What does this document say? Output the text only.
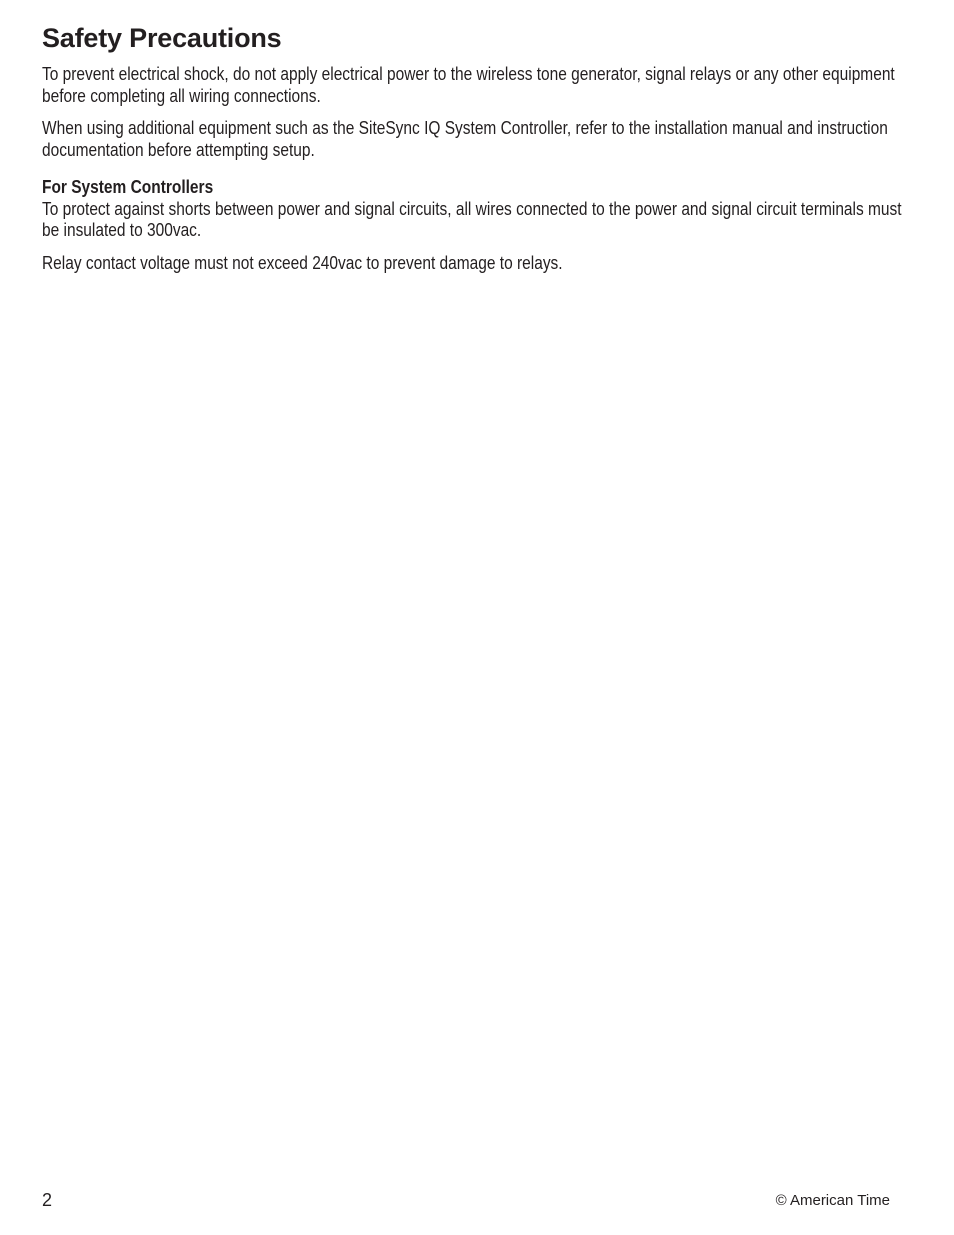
Safety Precautions

To prevent electrical shock, do not apply electrical power to the wireless tone generator, signal relays or any other equipment before completing all wiring connections.

When using additional equipment such as the SiteSync IQ System Controller, refer to the installation manual and instruction documentation before attempting setup.

For System Controllers

To protect against shorts between power and signal circuits, all wires connected to the power and signal circuit terminals must be insulated to 300vac.

Relay contact voltage must not exceed 240vac to prevent damage to relays.

2	© American Time
